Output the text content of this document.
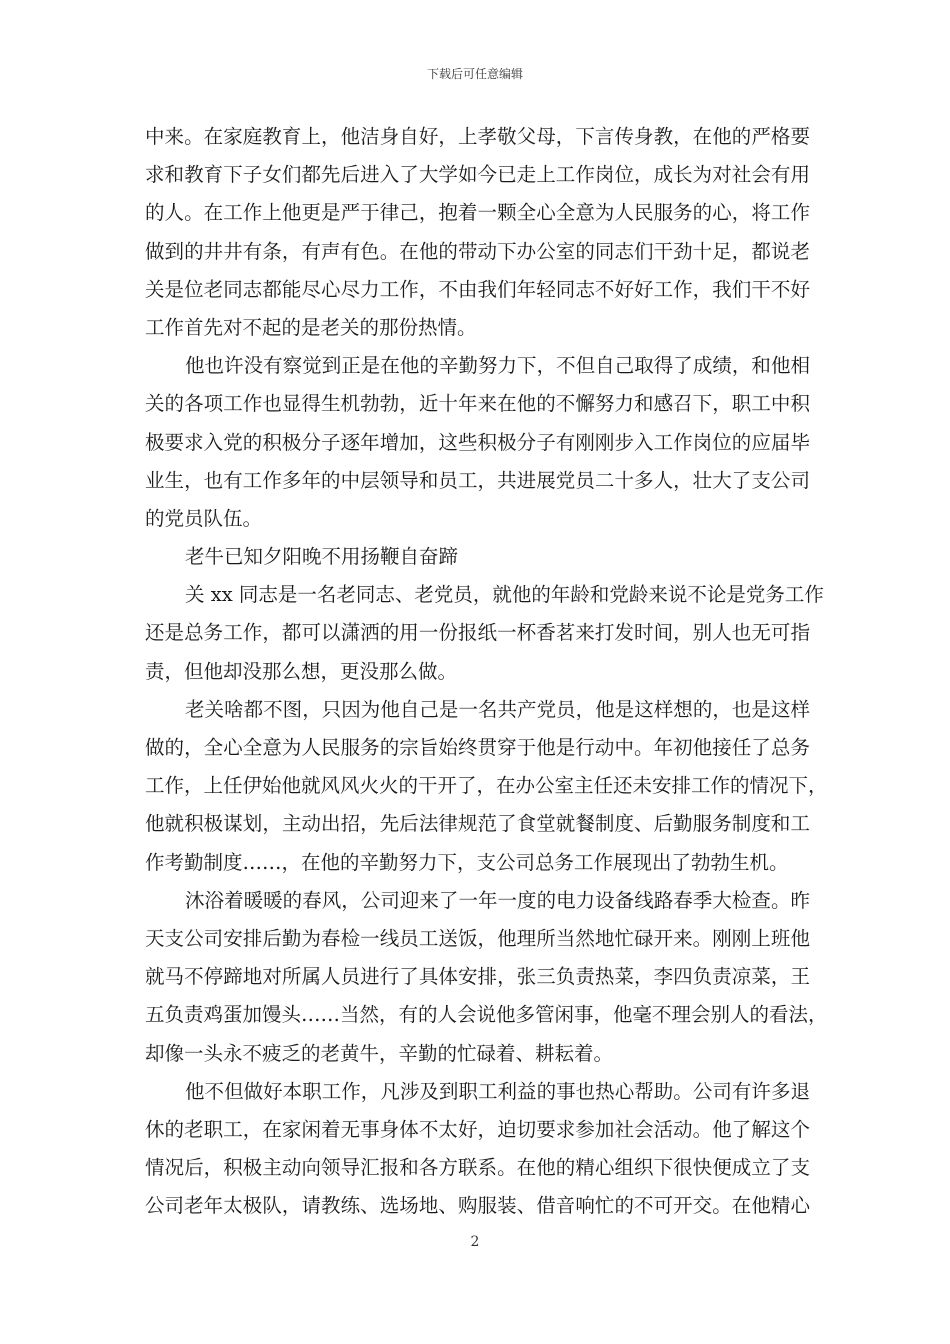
下载后可任意编辑
中来。在家庭教育上，他洁身自好，上孝敬父母，下言传身教，在他的严格要
求和教育下子女们都先后进入了大学如今已走上工作岗位，成长为对社会有用
的人。在工作上他更是严于律己，抱着一颗全心全意为人民服务的心，将工作
做到的井井有条，有声有色。在他的带动下办公室的同志们干劲十足，都说老
关是位老同志都能尽心尽力工作，不由我们年轻同志不好好工作，我们干不好
工作首先对不起的是老关的那份热情。
他也许没有察觉到正是在他的辛勤努力下，不但自己取得了成绩，和他相
关的各项工作也显得生机勃勃，近十年来在他的不懈努力和感召下，职工中积
极要求入党的积极分子逐年增加，这些积极分子有刚刚步入工作岗位的应届毕
业生，也有工作多年的中层领导和员工，共进展党员二十多人，壮大了支公司
的党员队伍。
老牛已知夕阳晚不用扬鞭自奋蹄
关 xx 同志是一名老同志、老党员，就他的年龄和党龄来说不论是党务工作
还是总务工作，都可以潇洒的用一份报纸一杯香茗来打发时间，别人也无可指
责，但他却没那么想，更没那么做。
老关啥都不图，只因为他自己是一名共产党员，他是这样想的，也是这样
做的，全心全意为人民服务的宗旨始终贯穿于他是行动中。年初他接任了总务
工作，上任伊始他就风风火火的干开了，在办公室主任还未安排工作的情况下，
他就积极谋划，主动出招，先后法律规范了食堂就餐制度、后勤服务制度和工
作考勤制度……，在他的辛勤努力下，支公司总务工作展现出了勃勃生机。
沐浴着暖暖的春风，公司迎来了一年一度的电力设备线路春季大检查。昨
天支公司安排后勤为春检一线员工送饭，他理所当然地忙碌开来。刚刚上班他
就马不停蹄地对所属人员进行了具体安排，张三负责热菜，李四负责凉菜，王
五负责鸡蛋加馒头……当然，有的人会说他多管闲事，他毫不理会别人的看法，
却像一头永不疲乏的老黄牛，辛勤的忙碌着、耕耘着。
他不但做好本职工作，凡涉及到职工利益的事也热心帮助。公司有许多退
休的老职工，在家闲着无事身体不太好，迫切要求参加社会活动。他了解这个
情况后，积极主动向领导汇报和各方联系。在他的精心组织下很快便成立了支
公司老年太极队，请教练、选场地、购服装、借音响忙的不可开交。在他精心
2
